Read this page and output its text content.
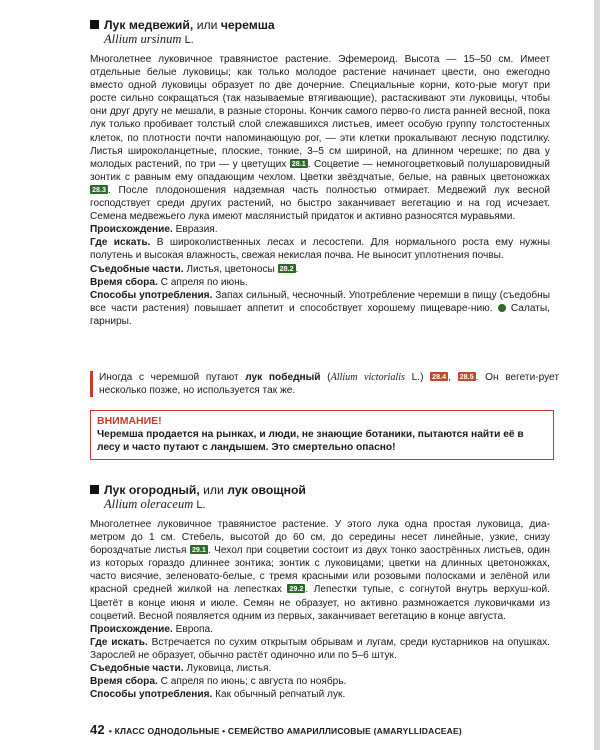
Лук медвежий, или черемша
Allium ursinum L.

Многолетнее луковичное травянистое растение. Эфемероид. Высота — 15–50 см. Имеет отдельные белые луковицы; как только молодое растение начинает цвести, оно ежегодно вместо одной луковицы образует по две дочерние. Специальные корни, кото-рые могут при росте сильно сокращаться (так называемые втягивающие), растаскивают эти луковицы, чтобы они друг другу не мешали, в разные стороны. Кончик самого перво-го листа ранней весной, пока лук только пробивает толстый слой слежавшихся листьев, имеет особую группу толстостенных клеток, по плотности почти напоминающую рог, — эти клетки прокалывают лесную подстилку. Листья широколанцетные, плоские, тонкие, 3–5 см шириной, на длинном черешке; по два у молодых растений, по три — у цветущих 28.1 . Соцветие — немногоцветковый полушаровидный зонтик с равным ему опадающим чехлом. Цветки звёздчатые, белые, на равных цветоножках 28.3 . После плодоношения надземная часть полностью отмирает. Медвежий лук весной господствует среди других растений, но быстро заканчивает вегетацию и на год исчезает. Семена медвежьего лука имеют маслянистый придаток и активно разносятся муравьями.

Происхождение. Евразия.

Где искать. В широколиственных лесах и лесостепи. Для нормального роста ему нужны полутень и высокая влажность, свежая некислая почва. Не выносит уплотнения почвы.

Съедобные части. Листья, цветоносы 28.2 .

Время сбора. С апреля по июнь.

Способы употребления. Запах сильный, чесночный. Употребление черемши в пищу (съедобны все части растения) повышает аппетит и способствует хорошему пищеваре-нию.  Салаты, гарниры.

Иногда с черемшой путают лук победный (Allium victorialis L.) 28.4 , 28.5 . Он вегети-рует несколько позже, но используется так же.

ВНИМАНИЕ!
Черемша продается на рынках, и люди, не знающие ботаники, пытаются найти её в лесу и часто путают с ландышем. Это смертельно опасно!
Лук огородный, или лук овощной
Allium oleraceum L.

Многолетнее луковичное травянистое растение. У этого лука одна простая луковица, диа-метром до 1 см. Стебель, высотой до 60 см, до середины несет линейные, узкие, снизу бороздчатые листья 29.1 . Чехол при соцветии состоит из двух тонко заострённых листьев, один из которых гораздо длиннее зонтика; зонтик с луковицами; цветки на длинных цветоножках, часто висячие, зеленовато-белые, с тремя красными или розовыми полосками и зелёной или красной средней жилкой на лепестках 29.2 . Лепестки тупые, с согнутой внутрь верхуш-кой. Цветёт в конце июня и июле. Семян не образует, но активно размножается луковичками из соцветий. Весной появляется одним из первых, заканчивает вегетацию в конце августа.

Происхождение. Европа.

Где искать. Встречается по сухим открытым обрывам и лугам, среди кустарников на опушках. Зарослей не образует, обычно растёт одиночно или по 5–6 штук.

Съедобные части. Луковица, листья.

Время сбора. С апреля по июнь; с августа по ноябрь.

Способы употребления. Как обычный репчатый лук.

42 • КЛАСС ОДНОДОЛЬНЫЕ • СЕМЕЙСТВО АМАРИЛЛИСОВЫЕ (AMARYLLIDACEAE)
